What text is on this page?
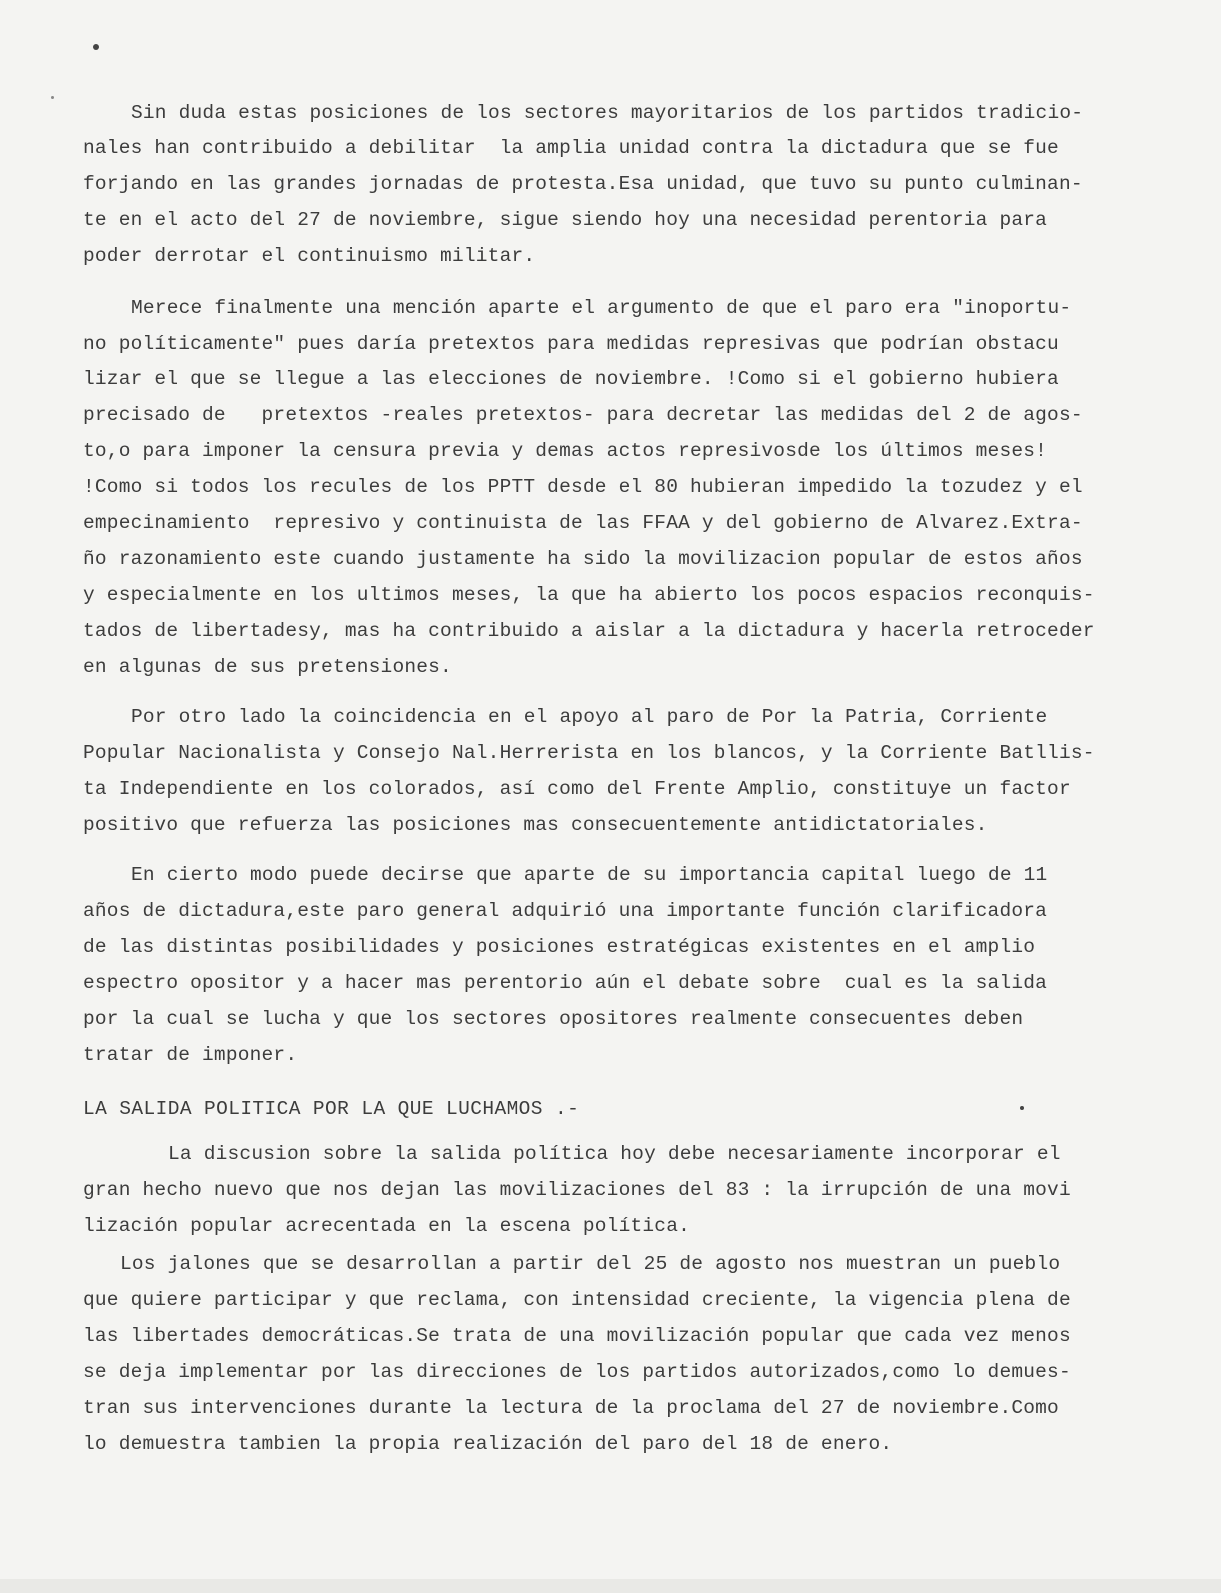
Sin duda estas posiciones de los sectores mayoritarios de los partidos tradicio-
nales han contribuido a debilitar  la amplia unidad contra la dictadura que se fue
forjando en las grandes jornadas de protesta.Esa unidad, que tuvo su punto culminan-
te en el acto del 27 de noviembre, sigue siendo hoy una necesidad perentoria para
poder derrotar el continuismo militar.
Merece finalmente una mención aparte el argumento de que el paro era "inoportu-
no políticamente" pues daría pretextos para medidas represivas que podrían obstacu
lizar el que se llegue a las elecciones de noviembre. !Como si el gobierno hubiera
precisado de   pretextos -reales pretextos- para decretar las medidas del 2 de agos-
to,o para imponer la censura previa y demas actos represivosde los últimos meses!
!Como si todos los recules de los PPTT desde el 80 hubieran impedido la tozudez y el
empecinamiento  represivo y continuista de las FFAA y del gobierno de Alvarez.Extra-
ño razonamiento este cuando justamente ha sido la movilizacion popular de estos años
y especialmente en los ultimos meses, la que ha abierto los pocos espacios reconquis-
tados de libertadesy, mas ha contribuido a aislar a la dictadura y hacerla retroceder
en algunas de sus pretensiones.
Por otro lado la coincidencia en el apoyo al paro de Por la Patria, Corriente
Popular Nacionalista y Consejo Nal.Herrerista en los blancos, y la Corriente Batllis-
ta Independiente en los colorados, así como del Frente Amplio, constituye un factor
positivo que refuerza las posiciones mas consecuentemente antidictatoriales.
En cierto modo puede decirse que aparte de su importancia capital luego de 11
años de dictadura,este paro general adquirió una importante función clarificadora
de las distintas posibilidades y posiciones estratégicas existentes en el amplio
espectro opositor y a hacer mas perentorio aún el debate sobre  cual es la salida
por la cual se lucha y que los sectores opositores realmente consecuentes deben
tratar de imponer.
LA SALIDA POLITICA POR LA QUE LUCHAMOS .-
La discusion sobre la salida política hoy debe necesariamente incorporar el
gran hecho nuevo que nos dejan las movilizaciones del 83 : la irrupción de una movi
lización popular acrecentada en la escena política.
Los jalones que se desarrollan a partir del 25 de agosto nos muestran un pueblo
que quiere participar y que reclama, con intensidad creciente, la vigencia plena de
las libertades democráticas.Se trata de una movilización popular que cada vez menos
se deja implementar por las direcciones de los partidos autorizados,como lo demues-
tran sus intervenciones durante la lectura de la proclama del 27 de noviembre.Como
lo demuestra tambien la propia realización del paro del 18 de enero.
